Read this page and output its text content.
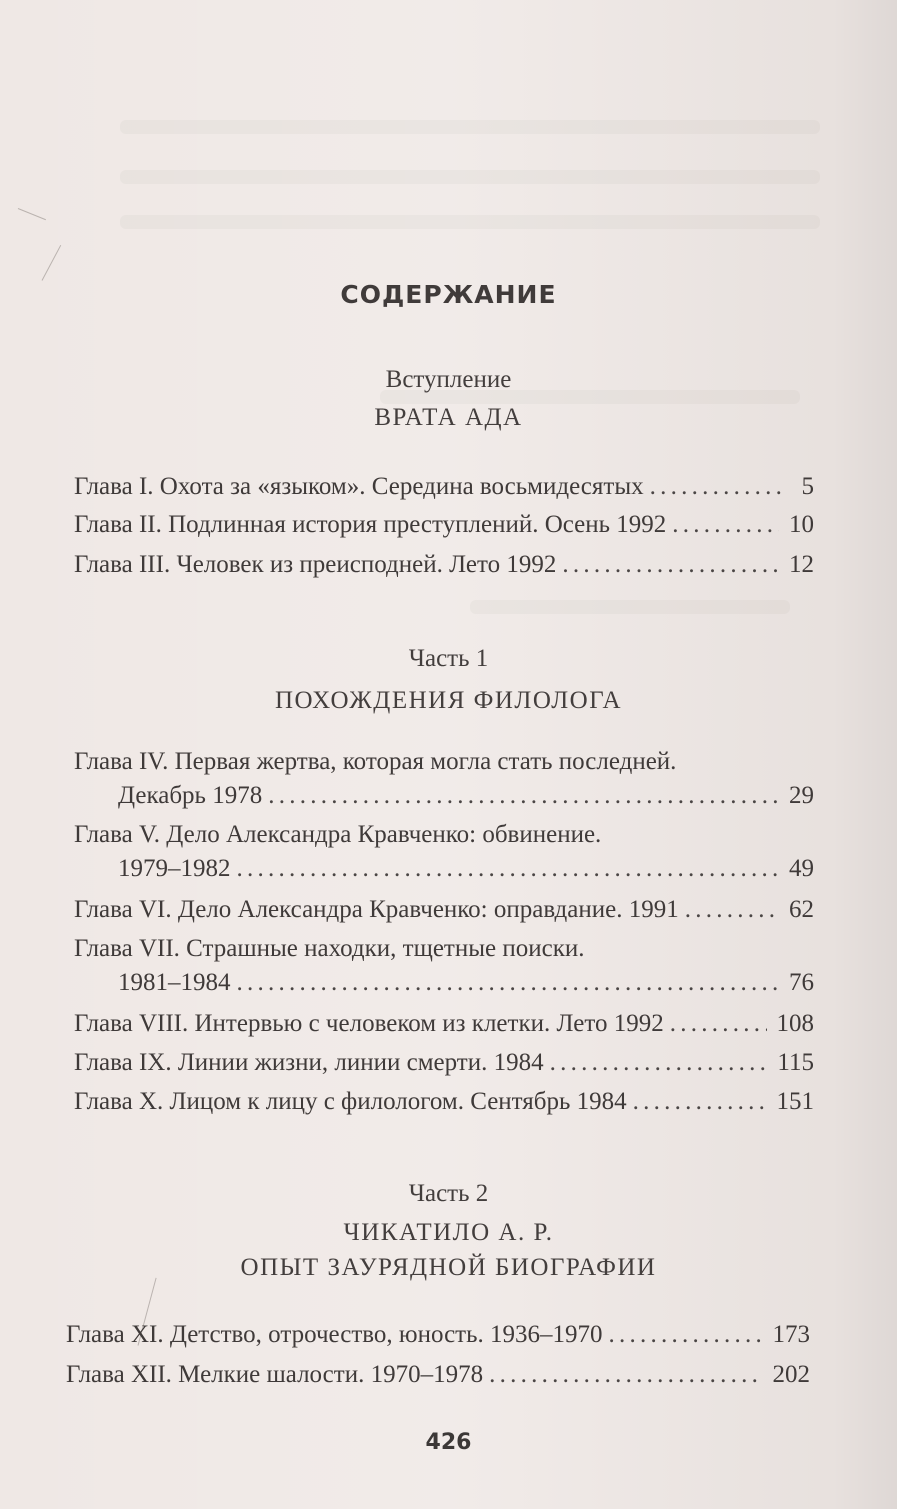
СОДЕРЖАНИЕ
Вступление
ВРАТА АДА
Глава I. Охота за «языком». Середина восьмидесятых . . .	5
Глава II. Подлинная история преступлений. Осень 1992 . . .	10
Глава III. Человек из преисподней. Лето 1992 . . .	12
Часть 1
ПОХОЖДЕНИЯ ФИЛОЛОГА
Глава IV. Первая жертва, которая могла стать последней.
Декабрь 1978 . . .	29
Глава V. Дело Александра Кравченко: обвинение.
1979–1982 . . .	49
Глава VI. Дело Александра Кравченко: оправдание. 1991 . . .	62
Глава VII. Страшные находки, тщетные поиски.
1981–1984 . . .	76
Глава VIII. Интервью с человеком из клетки. Лето 1992 . . .	108
Глава IX. Линии жизни, линии смерти. 1984 . . .	115
Глава X. Лицом к лицу с филологом. Сентябрь 1984 . . .	151
Часть 2
ЧИКАТИЛО А. Р.
ОПЫТ ЗАУРЯДНОЙ БИОГРАФИИ
Глава XI. Детство, отрочество, юность. 1936–1970 . . .	173
Глава XII. Мелкие шалости. 1970–1978 . . .	202
426
